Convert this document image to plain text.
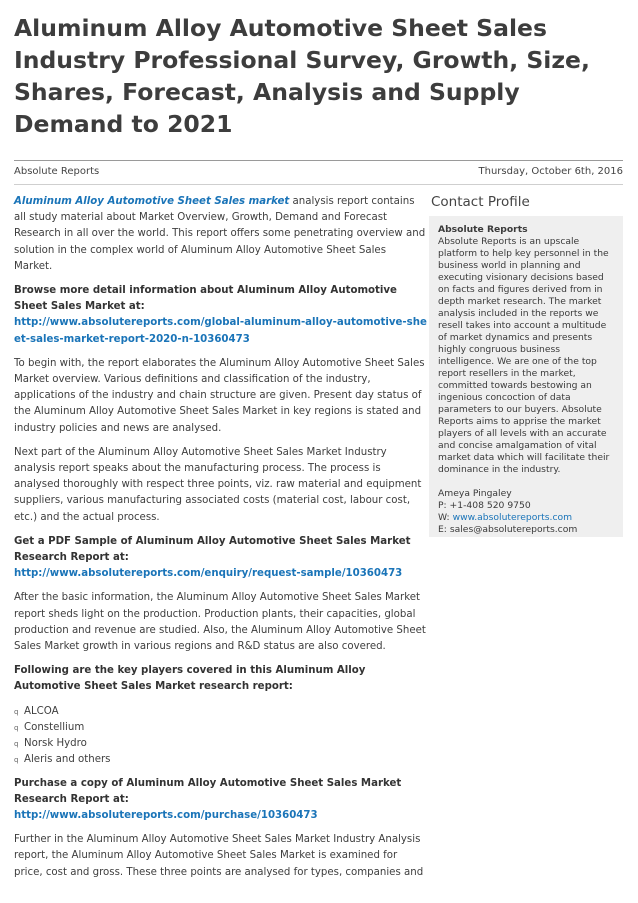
Aluminum Alloy Automotive Sheet Sales Industry Professional Survey, Growth, Size, Shares, Forecast, Analysis and Supply Demand to 2021
Absolute Reports	Thursday, October 6th, 2016

Aluminum Alloy Automotive Sheet Sales market analysis report contains all study material about Market Overview, Growth, Demand and Forecast Research in all over the world. This report offers some penetrating overview and solution in the complex world of Aluminum Alloy Automotive Sheet Sales Market.

Browse more detail information about Aluminum Alloy Automotive Sheet Sales Market at:
http://www.absolutereports.com/global-aluminum-alloy-automotive-sheet-sales-market-report-2020-n-10360473

To begin with, the report elaborates the Aluminum Alloy Automotive Sheet Sales Market overview. Various definitions and classification of the industry, applications of the industry and chain structure are given. Present day status of the Aluminum Alloy Automotive Sheet Sales Market in key regions is stated and industry policies and news are analysed.

Next part of the Aluminum Alloy Automotive Sheet Sales Market Industry analysis report speaks about the manufacturing process. The process is analysed thoroughly with respect three points, viz. raw material and equipment suppliers, various manufacturing associated costs (material cost, labour cost, etc.) and the actual process.

Get a PDF Sample of Aluminum Alloy Automotive Sheet Sales Market Research Report at:
http://www.absolutereports.com/enquiry/request-sample/10360473

After the basic information, the Aluminum Alloy Automotive Sheet Sales Market report sheds light on the production. Production plants, their capacities, global production and revenue are studied. Also, the Aluminum Alloy Automotive Sheet Sales Market growth in various regions and R&D status are also covered.

Following are the key players covered in this Aluminum Alloy Automotive Sheet Sales Market research report:

q ALCOA
q Constellium
q Norsk Hydro
q Aleris and others

Purchase a copy of Aluminum Alloy Automotive Sheet Sales Market Research Report at:
http://www.absolutereports.com/purchase/10360473

Further in the Aluminum Alloy Automotive Sheet Sales Market Industry Analysis report, the Aluminum Alloy Automotive Sheet Sales Market is examined for price, cost and gross. These three points are analysed for types, companies and

Contact Profile
Absolute Reports
Absolute Reports is an upscale platform to help key personnel in the business world in planning and executing visionary decisions based on facts and figures derived from in depth market research. The market analysis included in the reports we resell takes into account a multitude of market dynamics and presents highly congruous business intelligence. We are one of the top report resellers in the market, committed towards bestowing an ingenious concoction of data parameters to our buyers. Absolute Reports aims to apprise the market players of all levels with an accurate and concise amalgamation of vital market data which will facilitate their dominance in the industry.
Ameya Pingaley
P: +1-408 520 9750
W: www.absolutereports.com
E: sales@absolutereports.com
